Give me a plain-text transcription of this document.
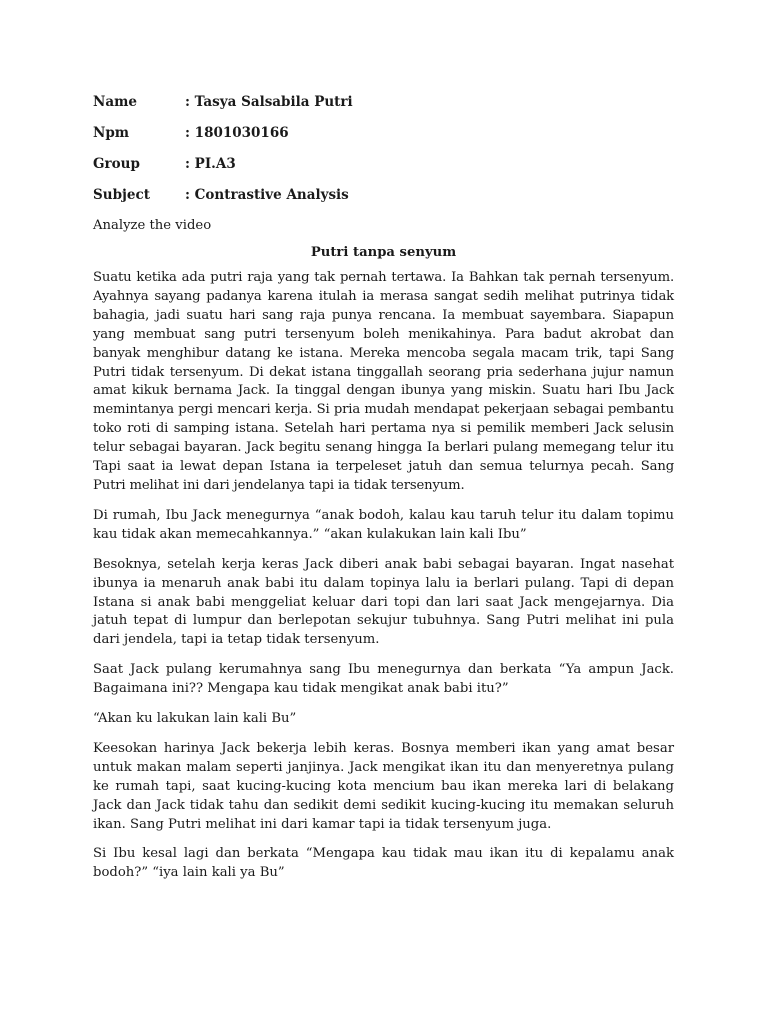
Name	: Tasya Salsabila Putri
Npm	: 1801030166
Group	: PI.A3
Subject	: Contrastive Analysis
Analyze the video
Putri tanpa senyum

Suatu ketika ada putri raja yang tak pernah tertawa. Ia Bahkan tak pernah tersenyum. Ayahnya sayang padanya karena itulah ia merasa sangat sedih melihat putrinya tidak bahagia, jadi suatu hari sang raja punya rencana. Ia membuat sayembara. Siapapun yang membuat sang putri tersenyum boleh menikahinya. Para badut akrobat dan banyak menghibur datang ke istana. Mereka mencoba segala macam trik, tapi Sang Putri tidak tersenyum. Di dekat istana tinggallah seorang pria sederhana jujur namun amat kikuk bernama Jack. Ia tinggal dengan ibunya yang miskin. Suatu hari Ibu Jack memintanya pergi mencari kerja. Si pria mudah mendapat pekerjaan sebagai pembantu toko roti di samping istana. Setelah hari pertama nya si pemilik memberi Jack selusin telur sebagai bayaran. Jack begitu senang hingga Ia berlari pulang memegang telur itu Tapi saat ia lewat depan Istana ia terpeleset jatuh dan semua telurnya pecah. Sang Putri melihat ini dari jendelanya tapi ia tidak tersenyum.

Di rumah, Ibu Jack menegurnya “anak bodoh, kalau kau taruh telur itu dalam topimu kau tidak akan memecahkannya.” “akan kulakukan lain kali Ibu”

Besoknya, setelah kerja keras Jack diberi anak babi sebagai bayaran. Ingat nasehat ibunya ia menaruh anak babi itu dalam topinya lalu ia berlari pulang. Tapi di depan Istana si anak babi menggeliat keluar dari topi dan lari saat Jack mengejarnya. Dia jatuh tepat di lumpur dan berlepotan sekujur tubuhnya. Sang Putri melihat ini pula dari jendela, tapi ia tetap tidak tersenyum.

Saat Jack pulang kerumahnya sang Ibu menegurnya dan berkata “Ya ampun Jack. Bagaimana ini?? Mengapa kau tidak mengikat anak babi itu?”

“Akan ku lakukan lain kali Bu”

Keesokan harinya Jack bekerja lebih keras. Bosnya memberi ikan yang amat besar untuk makan malam seperti janjinya. Jack mengikat ikan itu dan menyeretnya pulang ke rumah tapi, saat kucing-kucing kota mencium bau ikan mereka lari di belakang Jack dan Jack tidak tahu dan sedikit demi sedikit kucing-kucing itu memakan seluruh ikan. Sang Putri melihat ini dari kamar tapi ia tidak tersenyum juga.

Si Ibu kesal lagi dan berkata “Mengapa kau tidak mau ikan itu di kepalamu anak bodoh?” “iya lain kali ya Bu”
